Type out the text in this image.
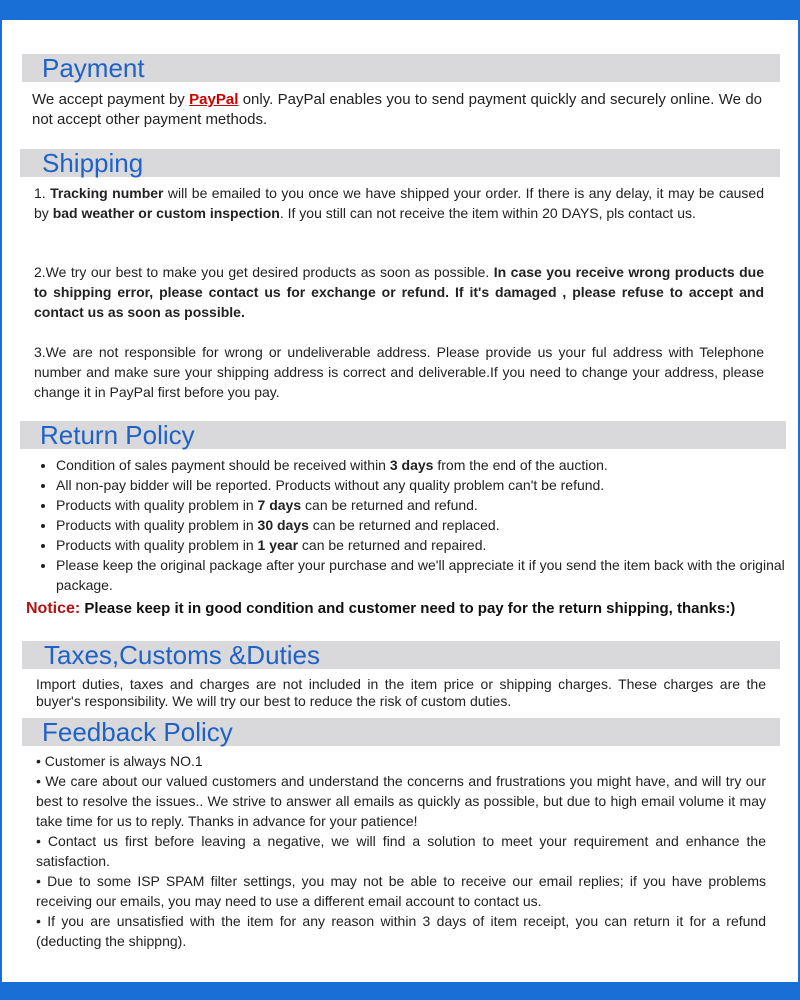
Payment
We accept payment by PayPal only. PayPal enables you to send payment quickly and securely online. We do not accept other payment methods.
Shipping
1. Tracking number will be emailed to you once we have shipped your order. If there is any delay, it may be caused by bad weather or custom inspection. If you still can not receive the item within 20 DAYS, pls contact us.
2.We try our best to make you get desired products as soon as possible. In case you receive wrong products due to shipping error, please contact us for exchange or refund. If it's damaged , please refuse to accept and contact us as soon as possible.
3.We are not responsible for wrong or undeliverable address. Please provide us your ful address with Telephone number and make sure your shipping address is correct and deliverable.If you need to change your address, please change it in PayPal first before you pay.
Return Policy
• Condition of sales payment should be received within 3 days from the end of the auction.
• All non-pay bidder will be reported. Products without any quality problem can't be refund.
• Products with quality problem in 7 days can be returned and refund.
• Products with quality problem in 30 days can be returned and replaced.
• Products with quality problem in 1 year can be returned and repaired.
• Please keep the original package after your purchase and we'll appreciate it if you send the item back with the original package.
Notice: Please keep it in good condition and customer need to pay for the return shipping, thanks:)
Taxes,Customs &Duties
Import duties, taxes and charges are not included in the item price or shipping charges. These charges are the buyer's responsibility. We will try our best to reduce the risk of custom duties.
Feedback Policy
• Customer is always NO.1
• We care about our valued customers and understand the concerns and frustrations you might have, and will try our best to resolve the issues.. We strive to answer all emails as quickly as possible, but due to high email volume it may take time for us to reply. Thanks in advance for your patience!
• Contact us first before leaving a negative, we will find a solution to meet your requirement and enhance the satisfaction.
• Due to some ISP SPAM filter settings, you may not be able to receive our email replies; if you have problems receiving our emails, you may need to use a different email account to contact us.
• If you are unsatisfied with the item for any reason within 3 days of item receipt, you can return it for a refund (deducting the shippng).
